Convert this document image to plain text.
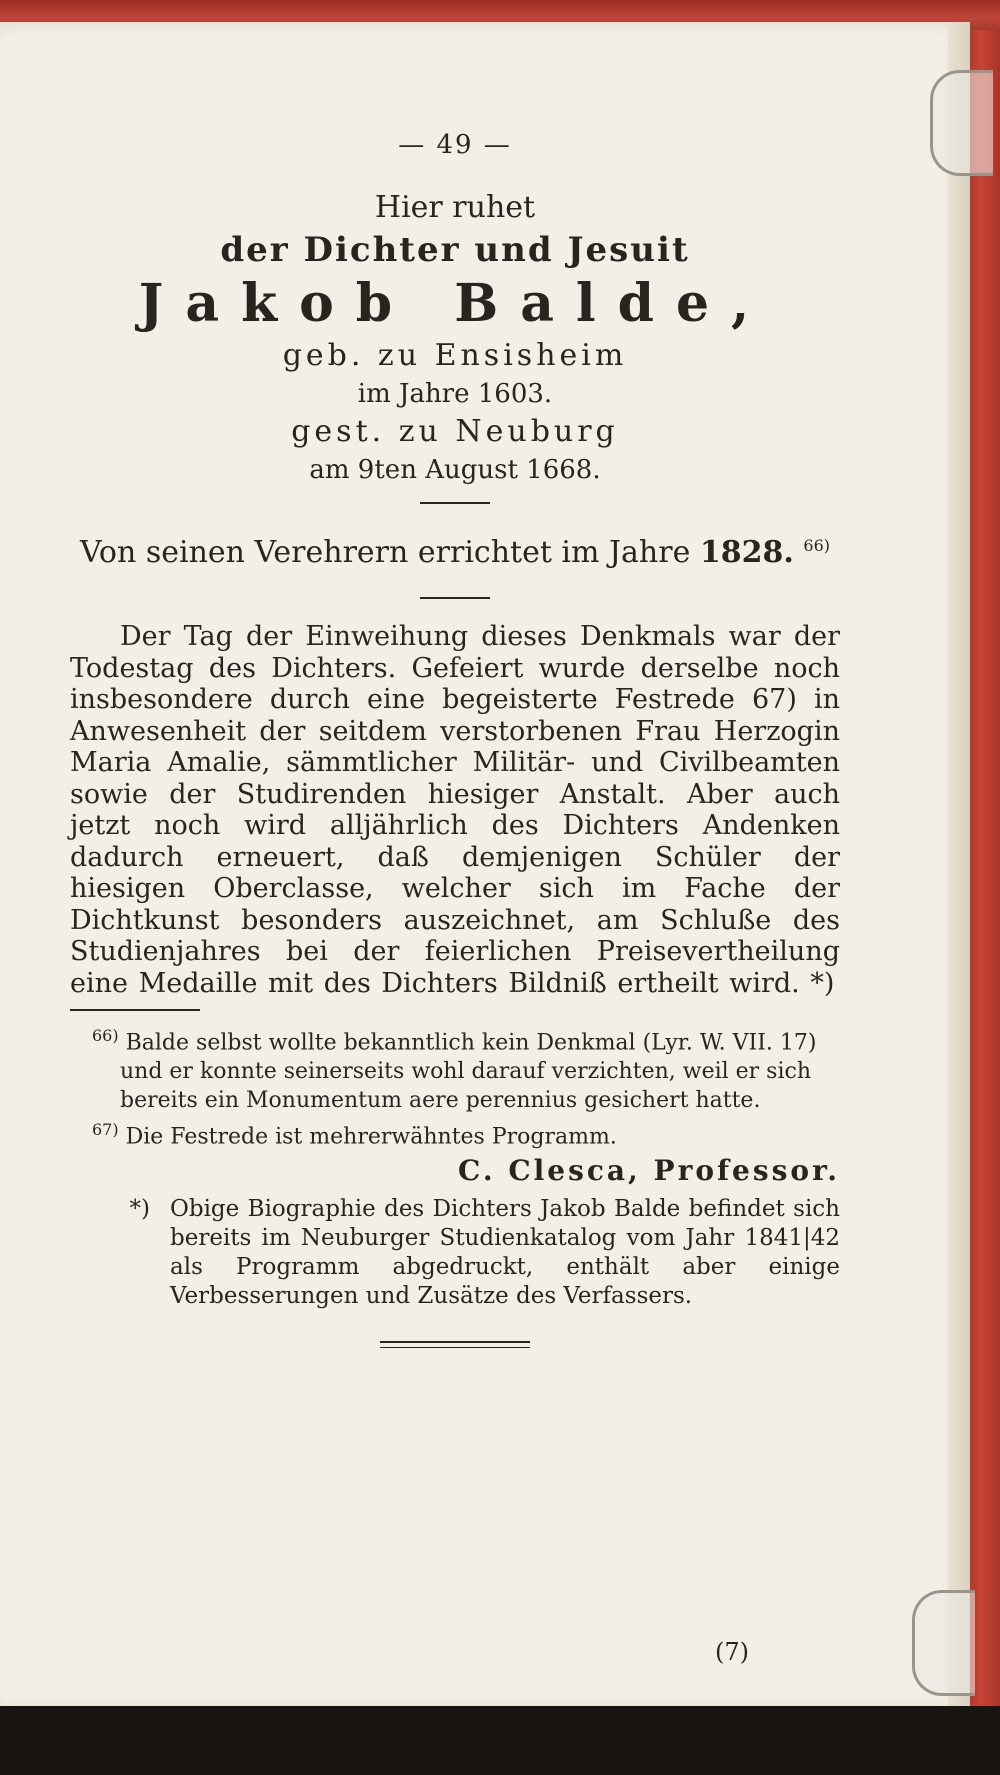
— 49 —
Hier ruhet
der Dichter und Jesuit
Jakob Balde,
geb. zu Ensisheim
im Jahre 1603.
gest. zu Neuburg
am 9ten August 1668.
Von seinen Verehrern errichtet im Jahre 1828. $^{66)}$

Der Tag der Einweihung dieses Denkmals war der Todestag des Dichters. Gefeiert wurde derselbe noch insbesondere durch eine begeisterte Festrede 67) in Anwesenheit der seitdem verstorbenen Frau Herzogin Maria Amalie, sämmtlicher Militär- und Civilbeamten sowie der Studirenden hiesiger Anstalt. Aber auch jetzt noch wird alljährlich des Dichters Andenken dadurch erneuert, daß demjenigen Schüler der hiesigen Oberclasse, welcher sich im Fache der Dichtkunst besonders auszeichnet, am Schluße des Studienjahres bei der feierlichen Preisevertheilung eine Medaille mit des Dichters Bildniß ertheilt wird. *)

$^{66)}$ Balde selbst wollte bekanntlich kein Denkmal (Lyr. W. VII. 17) und er konnte seinerseits wohl darauf verzichten, weil er sich bereits ein Monumentum aere perennius gesichert hatte.
$^{67)}$ Die Festrede ist mehrerwähntes Programm.
C. Clesca, Professor.
*) Obige Biographie des Dichters Jakob Balde befindet sich bereits im Neuburger Studienkatalog vom Jahr 1841|42 als Programm abgedruckt, enthält aber einige Verbesserungen und Zusätze des Verfassers.
(7)
